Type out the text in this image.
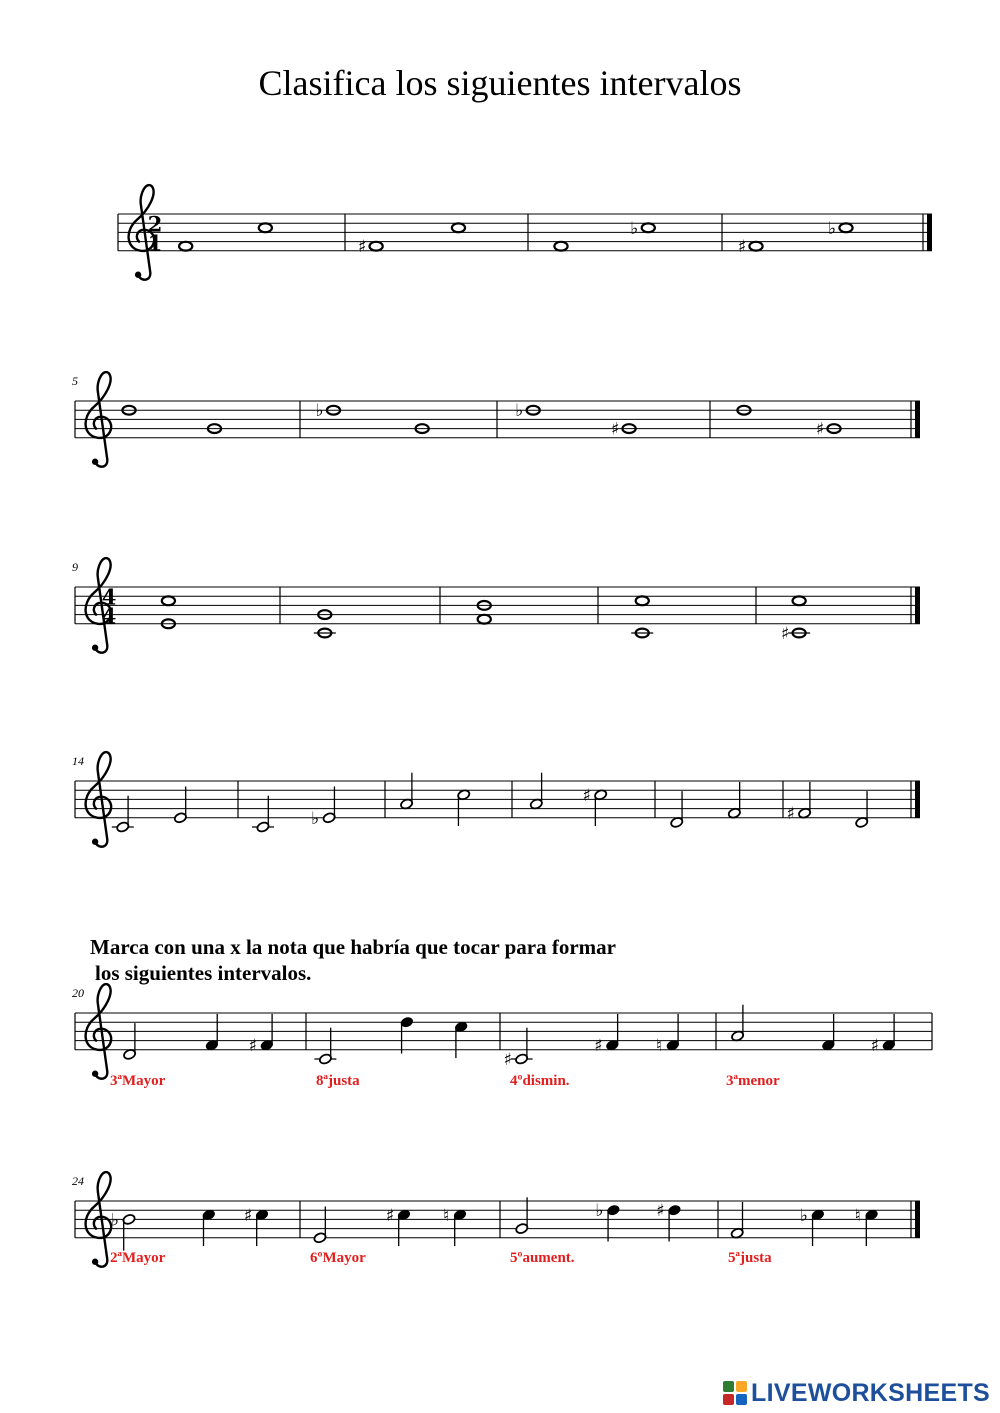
Clasifica los siguientes intervalos
Marca con una x la nota que habría que tocar para formar
los siguientes intervalos.
2
1	♯
♭
♯
♭
5
♭	♭
♯	♯
9
4
4
♯
14
♭
♯
♯
20
♯
3ªMayor	8ªjusta
♯
♯	♮
4ºdismin.
♯
3ªmenor
24
♭	♯
2ªMayor
♯	♮
6ºMayor
♭	♯
5ºaument.
♭	♮
5ªjusta
LIVEWORKSHEETS
